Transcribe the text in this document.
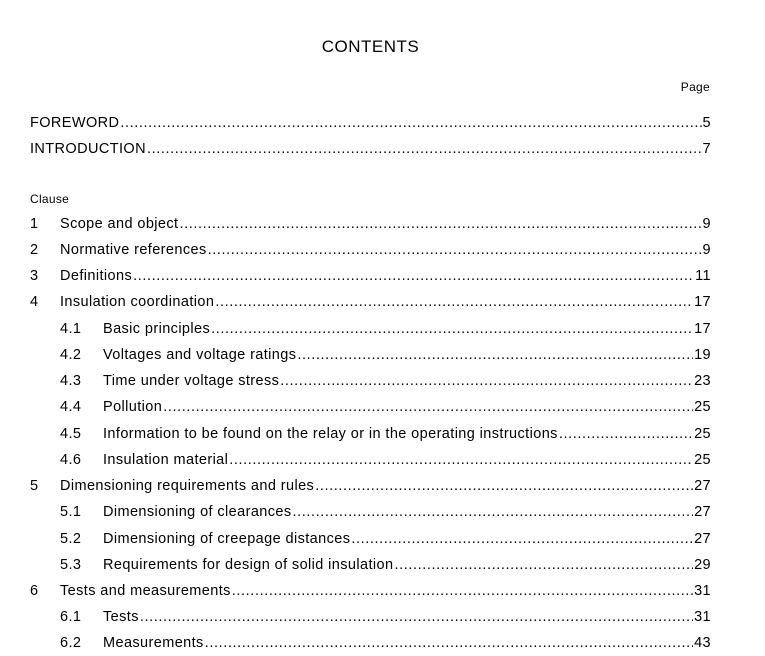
CONTENTS
Page
FOREWORD .....	5
INTRODUCTION .....	7
Clause
1	Scope and object .....	9
2	Normative references .....	9
3	Definitions .....	11
4	Insulation coordination .....	17
4.1	Basic principles .....	17
4.2	Voltages and voltage ratings .....	19
4.3	Time under voltage stress .....	23
4.4	Pollution .....	25
4.5	Information to be found on the relay or in the operating instructions .....	25
4.6	Insulation material .....	25
5	Dimensioning requirements and rules .....	27
5.1	Dimensioning of clearances .....	27
5.2	Dimensioning of creepage distances .....	27
5.3	Requirements for design of solid insulation .....	29
6	Tests and measurements .....	31
6.1	Tests .....	31
6.2	Measurements .....	43
